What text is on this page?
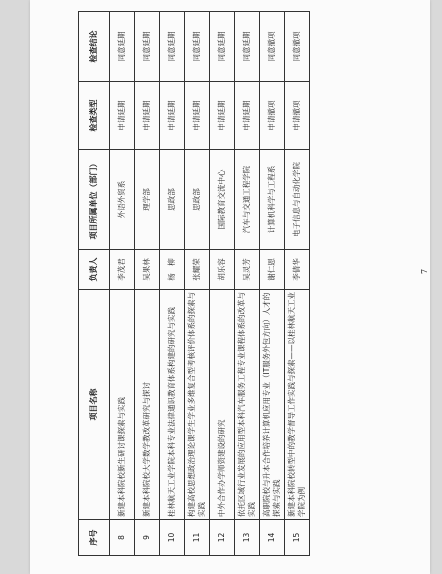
序号	项目名称	负责人	项目所属单位（部门）	检查类型	检查结论
8	新建本科院校新生研讨课探索与实践	李茂君	外语外贸系	申请延期	同意延期
9	新建本科院校大学数学教改革研究与探讨	吴果林	理学部	申请延期	同意延期
10	桂林航天工业学院本科专业法律通识教育体系构建的研究与实践	杨　柳	思政部	申请延期	同意延期
11	构建高校思想政治理论课学生学业多维复合型考核评价体系的探索与实践	张耀荣	思政部	申请延期	同意延期
12	中外合作办学师资建设的研究	胡乐容	国际教育交流中心	申请延期	同意延期
13	依托区域行业发展的应用型本科汽车服务工程专业课程体系的改革与实践	吴灵芳	汽车与交通工程学院	申请延期	同意延期
14	高职院校与升本合作培养计算机应用专业（IT服务外包方向）人才的探索与实践	谢仁恩	计算机科学与工程系	申请撤项	同意撤项
15	新建本科院校转型中的教学督导工作实践与探索——以桂林航天工业学院为例	李倩华	电子信息与自动化学院	申请撤项	同意撤项
7
